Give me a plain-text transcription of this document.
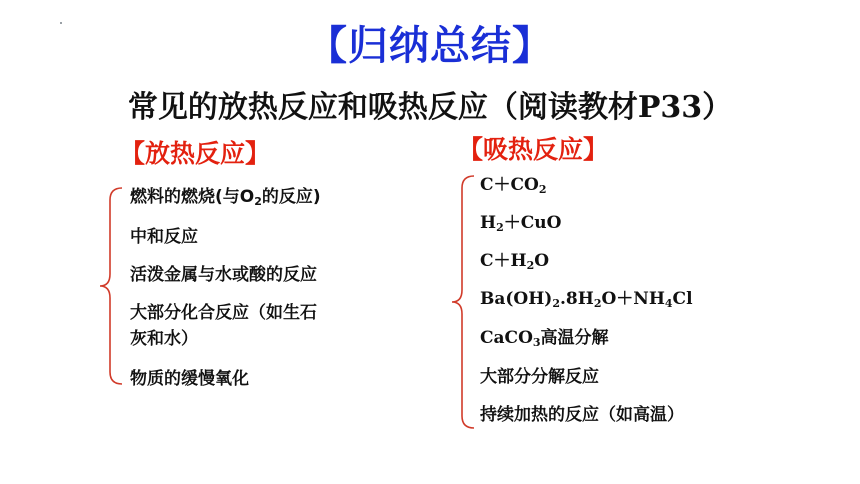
【归纳总结】
常见的放热反应和吸热反应（阅读教材P33）
【放热反应】
燃料的燃烧(与$O_2$的反应)
中和反应
活泼金属与水或酸的反应
大部分化合反应（如生石
灰和水）
物质的缓慢氧化
【吸热反应】
$C+CO_2$
$H_2+CuO$
$C+H_2O$
$Ba(OH)_2.8H_2O+NH_4Cl$
CaCO$_3$高温分解
大部分分解反应
持续加热的反应（如高温）
